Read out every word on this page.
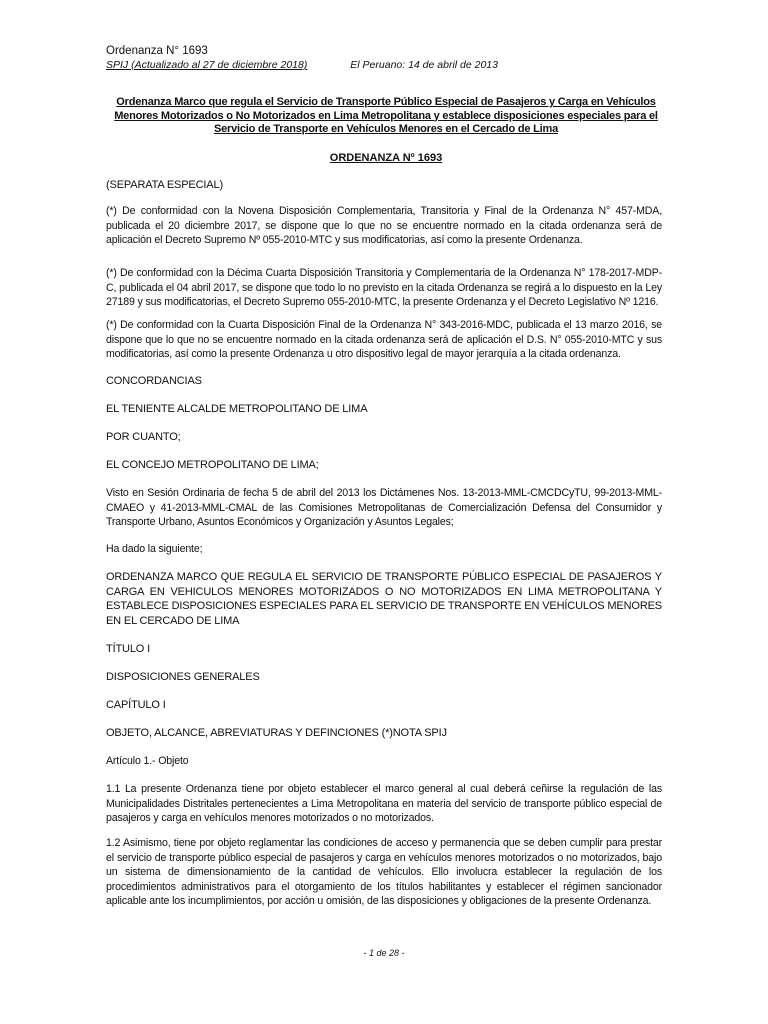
Ordenanza N° 1693
SPIJ (Actualizado al 27 de diciembre 2018)	El Peruano: 14 de abril de 2013
Ordenanza Marco que regula el Servicio de Transporte Público Especial de Pasajeros y Carga en Vehículos Menores Motorizados o No Motorizados en Lima Metropolitana y establece disposiciones especiales para el Servicio de Transporte en Vehículos Menores en el Cercado de Lima
ORDENANZA Nº 1693
(SEPARATA ESPECIAL)
(*) De conformidad con la Novena Disposición Complementaria, Transitoria y Final de la Ordenanza N° 457-MDA, publicada el 20 diciembre 2017, se dispone que lo que no se encuentre normado en la citada ordenanza será de aplicación el Decreto Supremo Nº 055-2010-MTC y sus modificatorias, así como la presente Ordenanza.
(*) De conformidad con la Décima Cuarta Disposición Transitoria y Complementaria de la Ordenanza N° 178-2017-MDP-C, publicada el 04 abril 2017, se dispone que todo lo no previsto en la citada Ordenanza se regirá a lo dispuesto en la Ley 27189 y sus modificatorias, el Decreto Supremo 055-2010-MTC, la presente Ordenanza y el Decreto Legislativo Nº 1216.
(*) De conformidad con la Cuarta Disposición Final de la Ordenanza N° 343-2016-MDC, publicada el 13 marzo 2016, se dispone que lo que no se encuentre normado en la citada ordenanza será de aplicación el D.S. N° 055-2010-MTC y sus modificatorias, así como la presente Ordenanza u otro dispositivo legal de mayor jerarquía a la citada ordenanza.
CONCORDANCIAS
EL TENIENTE ALCALDE METROPOLITANO DE LIMA
POR CUANTO;
EL CONCEJO METROPOLITANO DE LIMA;
Visto en Sesión Ordinaria de fecha 5 de abril del 2013 los Dictámenes Nos. 13-2013-MML-CMCDCyTU, 99-2013-MML-CMAEO y 41-2013-MML-CMAL de las Comisiones Metropolitanas de Comercialización Defensa del Consumidor y Transporte Urbano, Asuntos Económicos y Organización y Asuntos Legales;
Ha dado la siguiente;
ORDENANZA MARCO QUE REGULA EL SERVICIO DE TRANSPORTE PÚBLICO ESPECIAL DE PASAJEROS Y CARGA EN VEHICULOS MENORES MOTORIZADOS O NO MOTORIZADOS EN LIMA METROPOLITANA Y ESTABLECE DISPOSICIONES ESPECIALES PARA EL SERVICIO DE TRANSPORTE EN VEHÍCULOS MENORES EN EL CERCADO DE LIMA
TÍTULO I
DISPOSICIONES GENERALES
CAPÍTULO I
OBJETO, ALCANCE, ABREVIATURAS Y DEFINCIONES (*)NOTA SPIJ
Artículo 1.- Objeto
1.1 La presente Ordenanza tiene por objeto establecer el marco general al cual deberá ceñirse la regulación de las Municipalidades Distritales pertenecientes a Lima Metropolitana en materia del servicio de transporte público especial de pasajeros y carga en vehículos menores motorizados o no motorizados.
1.2 Asimismo, tiene por objeto reglamentar las condiciones de acceso y permanencia que se deben cumplir para prestar el servicio de transporte público especial de pasajeros y carga en vehículos menores motorizados o no motorizados, bajo un sistema de dimensionamiento de la cantidad de vehículos. Ello involucra establecer la regulación de los procedimientos administrativos para el otorgamiento de los títulos habilitantes y establecer el régimen sancionador aplicable ante los incumplimientos, por acción u omisión, de las disposiciones y obligaciones de la presente Ordenanza.
- 1 de 28 -
